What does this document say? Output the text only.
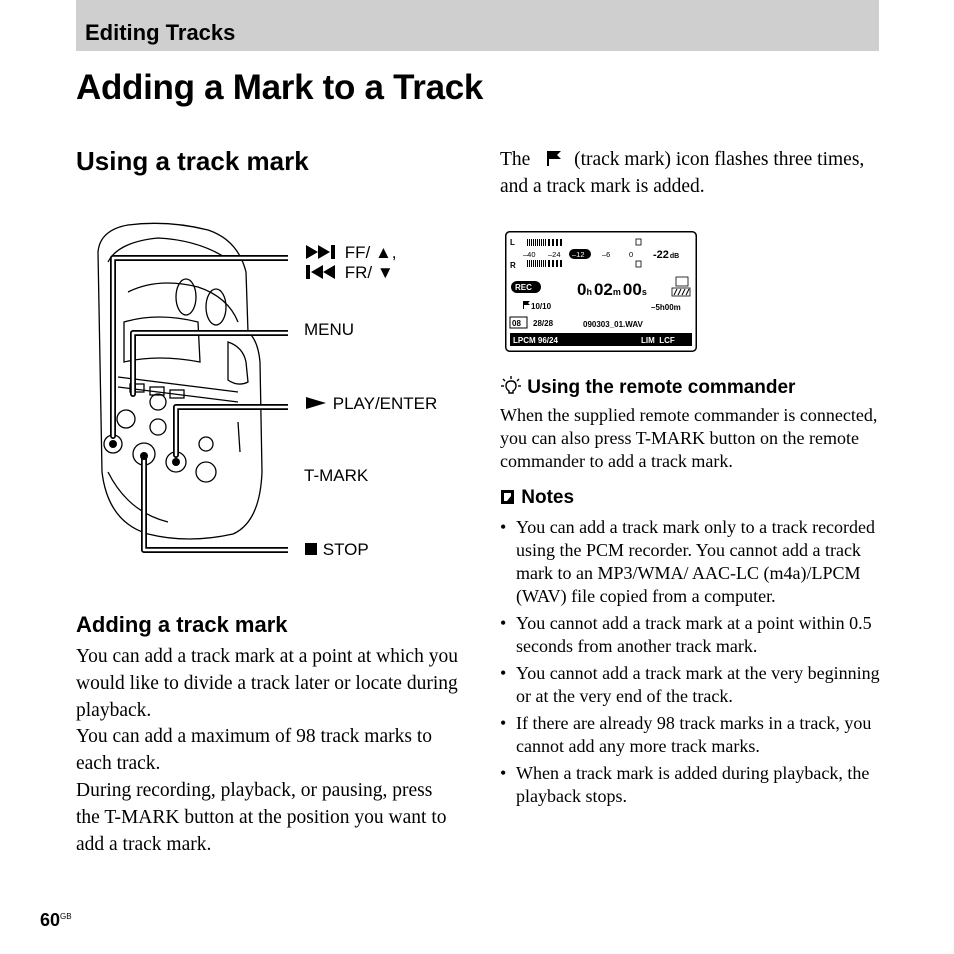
Editing Tracks
Adding a Mark to a Track
Using a track mark
FF/ ▲,
FR/ ▼
MENU
PLAY/ENTER
T-MARK
STOP
Adding a track mark

You can add a track mark at a point at which you would like to divide a track later or locate during playback.

You can add a maximum of 98 track marks to each track.

During recording, playback, or pausing, press the T-MARK button at the position you want to add a track mark.

The (track mark) icon flashes three times, and a track mark is added.

L
R
–40 –24 –12 –6 0 -22dB
REC	0h 02m 00s
10/10	–5h00m
08 28/28	090303_01.WAV
LPCM 96/24	LIM  LCF
Using the remote commander

When the supplied remote commander is connected, you can also press T-MARK button on the remote commander to add a track mark.

Notes
• You can add a track mark only to a track recorded using the PCM recorder. You cannot add a track mark to an MP3/WMA/ AAC-LC (m4a)/LPCM (WAV) file copied from a computer.
• You cannot add a track mark at a point within 0.5 seconds from another track mark.
• You cannot add a track mark at the very beginning or at the very end of the track.
• If there are already 98 track marks in a track, you cannot add any more track marks.
• When a track mark is added during playback, the playback stops.
$60^{GB}$
